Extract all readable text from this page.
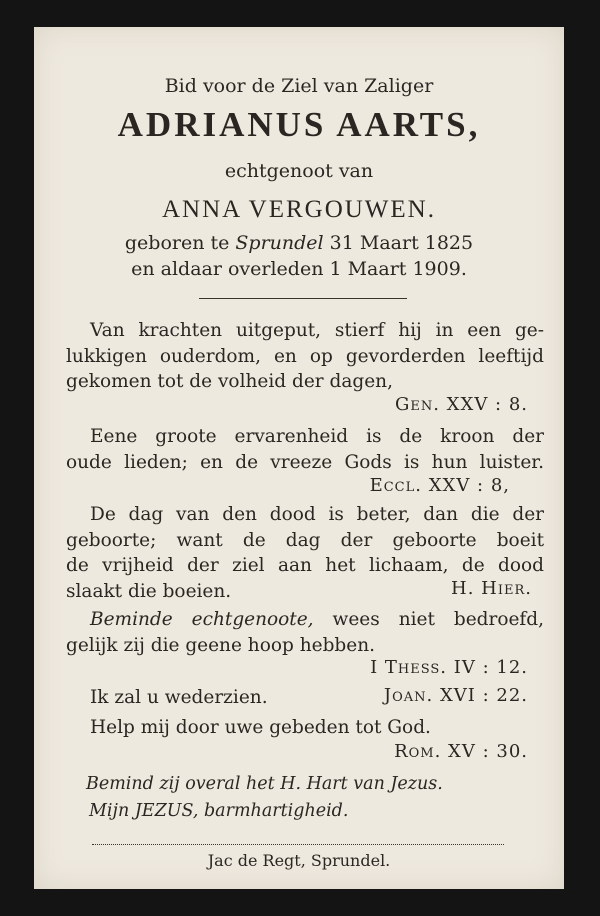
Bid voor de Ziel van Zaliger
ADRIANUS AARTS,
echtgenoot van
ANNA VERGOUWEN.
geboren te Sprundel 31 Maart 1825
en aldaar overleden 1 Maart 1909.
Van krachten uitgeput, stierf hij in een ge-
lukkigen ouderdom, en op gevorderden leeftijd
gekomen tot de volheid der dagen,
Gen. XXV : 8.
Eene groote ervarenheid is de kroon der
oude lieden; en de vreeze Gods is hun luister.
Eccl. XXV : 8,
De dag van den dood is beter, dan die der
geboorte; want de dag der geboorte boeit
de vrijheid der ziel aan het lichaam, de dood
slaakt die boeien.	H. Hier.
Beminde echtgenoote, wees niet bedroefd,
gelijk zij die geene hoop hebben.
I Thess. IV : 12.
Ik zal u wederzien.	Joan. XVI : 22.
Help mij door uwe gebeden tot God.
Rom. XV : 30.
Bemind zij overal het H. Hart van Jezus.
Mijn JEZUS, barmhartigheid.
Jac de Regt, Sprundel.
